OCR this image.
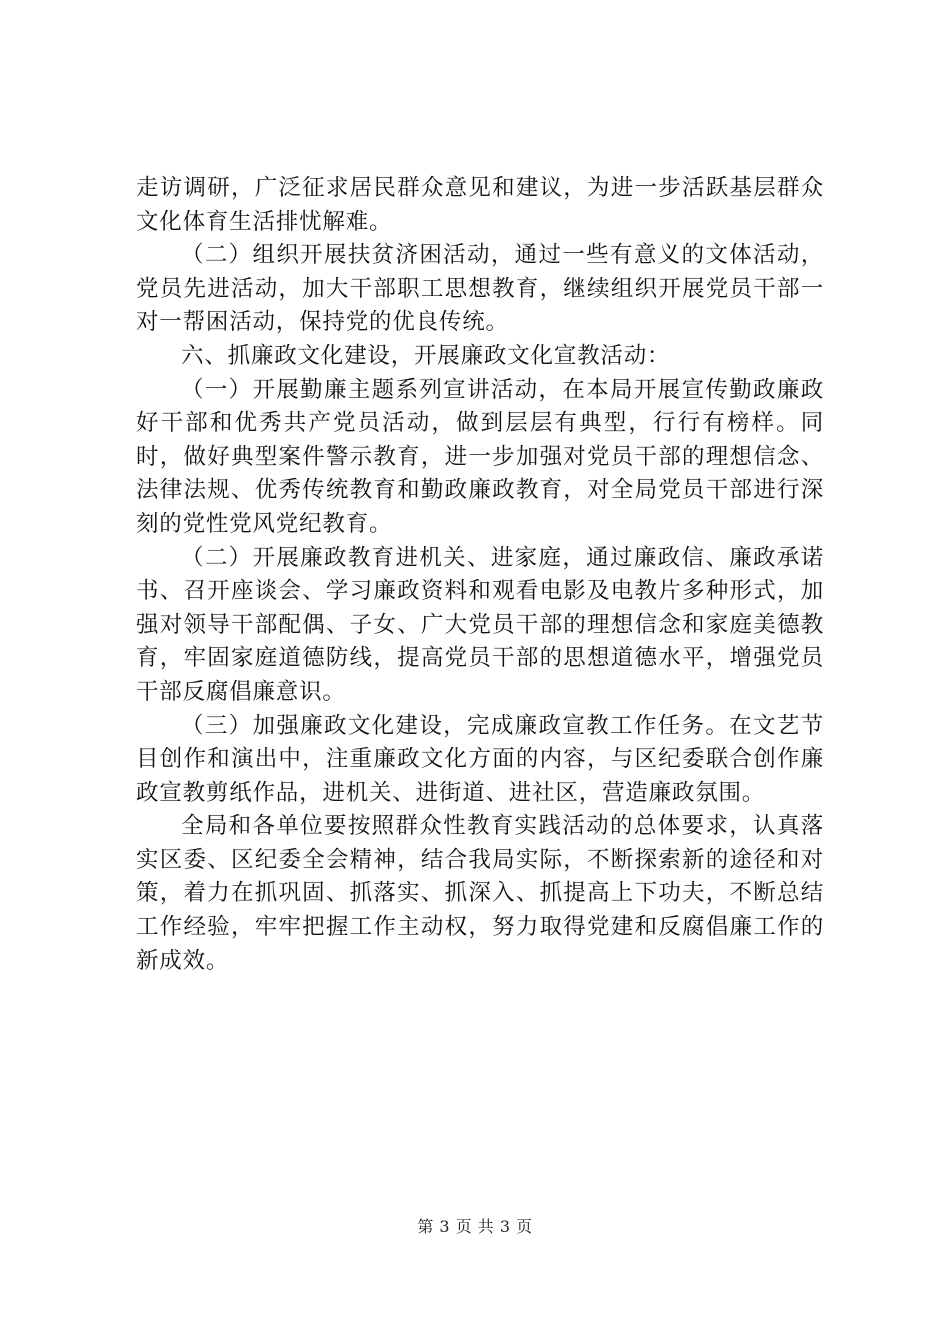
走访调研，广泛征求居民群众意见和建议，为进一步活跃基层群众文化体育生活排忧解难。

（二）组织开展扶贫济困活动，通过一些有意义的文体活动，党员先进活动，加大干部职工思想教育，继续组织开展党员干部一对一帮困活动，保持党的优良传统。

六、抓廉政文化建设，开展廉政文化宣教活动：

（一）开展勤廉主题系列宣讲活动，在本局开展宣传勤政廉政好干部和优秀共产党员活动，做到层层有典型，行行有榜样。同时，做好典型案件警示教育，进一步加强对党员干部的理想信念、法律法规、优秀传统教育和勤政廉政教育，对全局党员干部进行深刻的党性党风党纪教育。

（二）开展廉政教育进机关、进家庭，通过廉政信、廉政承诺书、召开座谈会、学习廉政资料和观看电影及电教片多种形式，加强对领导干部配偶、子女、广大党员干部的理想信念和家庭美德教育，牢固家庭道德防线，提高党员干部的思想道德水平，增强党员干部反腐倡廉意识。

（三）加强廉政文化建设，完成廉政宣教工作任务。在文艺节目创作和演出中，注重廉政文化方面的内容，与区纪委联合创作廉政宣教剪纸作品，进机关、进街道、进社区，营造廉政氛围。

全局和各单位要按照群众性教育实践活动的总体要求，认真落实区委、区纪委全会精神，结合我局实际，不断探索新的途径和对策，着力在抓巩固、抓落实、抓深入、抓提高上下功夫，不断总结工作经验，牢牢把握工作主动权，努力取得党建和反腐倡廉工作的新成效。

第 3 页 共 3 页
